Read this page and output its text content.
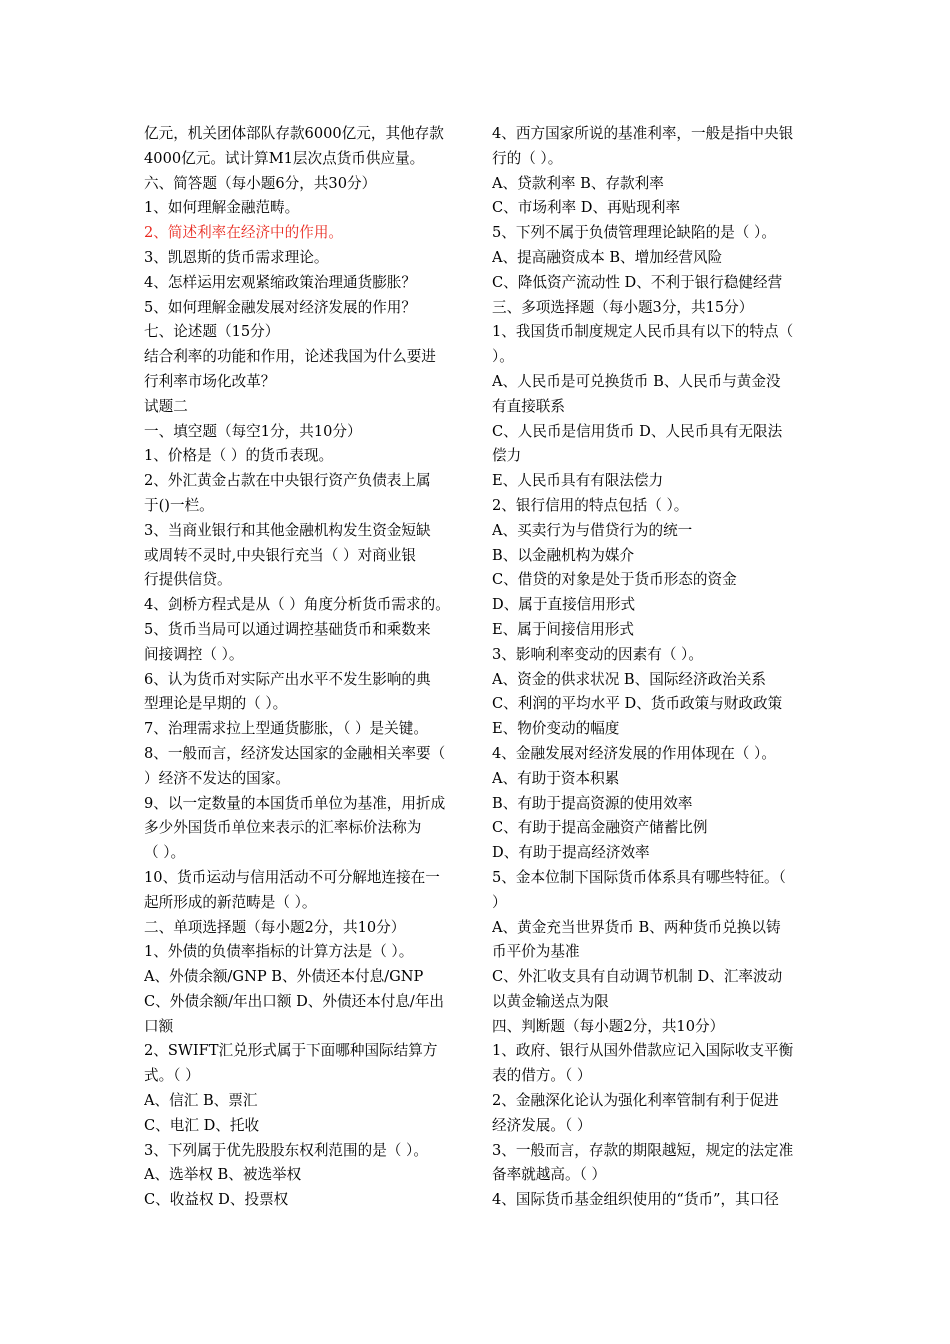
亿元，机关团体部队存款6000亿元，其他存款
4000亿元。试计算M1层次点货币供应量。
六、简答题（每小题6分，共30分）
1、如何理解金融范畴。
2、简述利率在经济中的作用。
3、凯恩斯的货币需求理论。
4、怎样运用宏观紧缩政策治理通货膨胀？
5、如何理解金融发展对经济发展的作用？
七、论述题（15分）
结合利率的功能和作用，论述我国为什么要进
行利率市场化改革？
试题二
一、填空题（每空1分，共10分）
1、价格是（ ）的货币表现。
2、外汇黄金占款在中央银行资产负债表上属
于()一栏。
3、当商业银行和其他金融机构发生资金短缺
或周转不灵时,中央银行充当（ ）对商业银
行提供信贷。
4、剑桥方程式是从（ ）角度分析货币需求的。
5、货币当局可以通过调控基础货币和乘数来
间接调控（ ）。
6、认为货币对实际产出水平不发生影响的典
型理论是早期的（ ）。
7、治理需求拉上型通货膨胀，（ ）是关键。
8、一般而言，经济发达国家的金融相关率要（
）经济不发达的国家。
9、以一定数量的本国货币单位为基准，用折成
多少外国货币单位来表示的汇率标价法称为
（ ）。
10、货币运动与信用活动不可分解地连接在一
起所形成的新范畴是（ ）。
二、单项选择题（每小题2分，共10分）
1、外债的负债率指标的计算方法是（ ）。
A、外债余额/GNP B、外债还本付息/GNP
C、外债余额/年出口额 D、外债还本付息/年出
口额
2、SWIFT汇兑形式属于下面哪种国际结算方
式。（ ）
A、信汇 B、票汇
C、电汇 D、托收
3、下列属于优先股股东权利范围的是（ ）。
A、选举权 B、被选举权
C、收益权 D、投票权
4、西方国家所说的基准利率，一般是指中央银
行的（ ）。
A、贷款利率 B、存款利率
C、市场利率 D、再贴现利率
5、下列不属于负债管理理论缺陷的是（ ）。
A、提高融资成本 B、增加经营风险
C、降低资产流动性 D、不利于银行稳健经营
三、多项选择题（每小题3分，共15分）
1、我国货币制度规定人民币具有以下的特点（
）。
A、人民币是可兑换货币 B、人民币与黄金没
有直接联系
C、人民币是信用货币 D、人民币具有无限法
偿力
E、人民币具有有限法偿力
2、银行信用的特点包括（ ）。
A、买卖行为与借贷行为的统一
B、以金融机构为媒介
C、借贷的对象是处于货币形态的资金
D、属于直接信用形式
E、属于间接信用形式
3、影响利率变动的因素有（ ）。
A、资金的供求状况 B、国际经济政治关系
C、利润的平均水平 D、货币政策与财政政策
E、物价变动的幅度
4、金融发展对经济发展的作用体现在（ ）。
A、有助于资本积累
B、有助于提高资源的使用效率
C、有助于提高金融资产储蓄比例
D、有助于提高经济效率
5、金本位制下国际货币体系具有哪些特征。（
）
A、黄金充当世界货币 B、两种货币兑换以铸
币平价为基准
C、外汇收支具有自动调节机制 D、汇率波动
以黄金输送点为限
四、判断题（每小题2分，共10分）
1、政府、银行从国外借款应记入国际收支平衡
表的借方。（ ）
2、金融深化论认为强化利率管制有利于促进
经济发展。（ ）
3、一般而言，存款的期限越短，规定的法定准
备率就越高。（ ）
4、国际货币基金组织使用的“货币”，其口径
